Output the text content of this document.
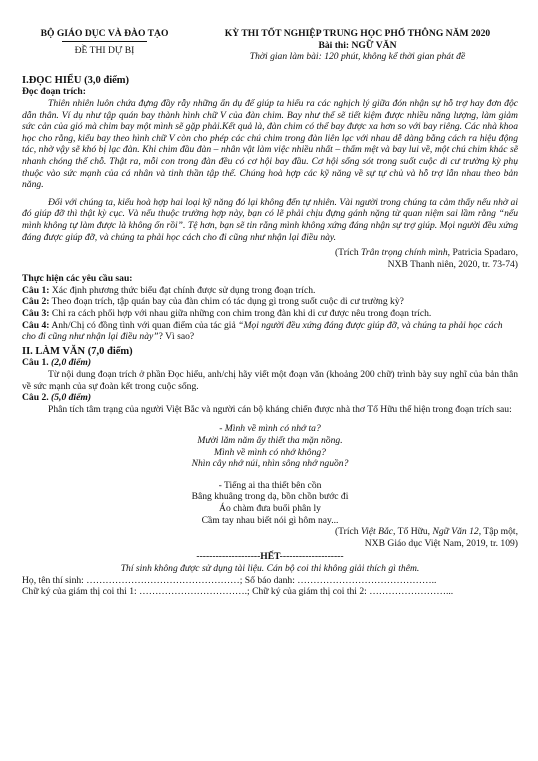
BỘ GIÁO DỤC VÀ ĐÀO TẠO
ĐỀ THI DỰ BỊ
KỲ THI TỐT NGHIỆP TRUNG HỌC PHỔ THÔNG NĂM 2020
Bài thi: NGỮ VĂN
Thời gian làm bài: 120 phút, không kể thời gian phát đề
I.ĐỌC HIỂU (3,0 điểm)
Đọc đoạn trích:
Thiên nhiên luôn chứa đựng đầy rẫy những ẩn dụ để giúp ta hiểu ra các nghịch lý giữa đón nhận sự hỗ trợ hay đơn độc dẫn thân. Ví dụ như tập quán bay thành hình chữ V của đàn chim. Bay như thế sẽ tiết kiệm được nhiều năng lượng, làm giảm sức cản của gió mà chim bay một mình sẽ gặp phải.Kết quả là, đàn chim có thể bay được xa hơn so với bay riêng. Các nhà khoa học cho rằng, kiểu bay theo hình chữ V còn cho phép các chú chim trong đàn liên lạc với nhau dễ dàng bằng cách ra hiệu động tác, nhờ vậy sẽ khó bị lạc đàn. Khi chim đầu đàn – nhân vật làm việc nhiều nhất – thấm mệt và bay lui về, một chú chim khác sẽ nhanh chóng thế chỗ. Thật ra, mỗi con trong đàn đều có cơ hội bay đầu. Cơ hội sống sót trong suốt cuộc di cư trường kỳ phụ thuộc vào sức mạnh của cá nhân và tinh thần tập thể. Chúng hoà hợp các kỹ năng về sự tự chủ và hỗ trợ lẫn nhau theo bản năng.
Đối với chúng ta, kiểu hoà hợp hai loại kỹ năng đó lại không đến tự nhiên. Vài người trong chúng ta cảm thấy nếu nhờ ai đó giúp đỡ thì thật kỳ cục. Và nếu thuộc trường hợp này, bạn có lẽ phải chịu đựng gánh nặng từ quan niệm sai lầm rằng “nếu mình không tự làm được là không ổn rồi”. Tệ hơn, bạn sẽ tin rằng mình không xứng đáng nhận sự trợ giúp. Mọi người đều xứng đáng được giúp đỡ, và chúng ta phải học cách cho đi cũng như nhận lại điều này.
(Trích Trân trọng chính mình, Patricia Spadaro,
NXB Thanh niên, 2020, tr. 73-74)
Thực hiện các yêu cầu sau:
Câu 1: Xác định phương thức biểu đạt chính được sử dụng trong đoạn trích.
Câu 2: Theo đoạn trích, tập quán bay của đàn chim có tác dụng gì trong suốt cuộc di cư trường kỳ?
Câu 3: Chỉ ra cách phối hợp với nhau giữa những con chim trong đàn khi di cư được nêu trong đoạn trích.
Câu 4: Anh/Chị có đồng tình với quan điểm của tác giả “Mọi người đều xứng đáng được giúp đỡ, và chúng ta phải học cách cho đi cũng như nhận lại điều này”? Vì sao?
II. LÀM VĂN (7,0 điểm)
Câu 1. (2,0 điểm)
Từ nội dung đoạn trích ở phần Đọc hiểu, anh/chị hãy viết một đoạn văn (khoảng 200 chữ) trình bày suy nghĩ của bản thân về sức mạnh của sự đoàn kết trong cuộc sống.
Câu 2. (5,0 điểm)
Phân tích tâm trạng của người Việt Bắc và người cán bộ kháng chiến được nhà thơ Tố Hữu thể hiện trong đoạn trích sau:
- Mình về mình có nhớ ta?
Mười lăm năm ấy thiết tha mặn nồng.
Mình về mình có nhớ không?
Nhìn cây nhớ núi, nhìn sông nhớ nguồn?
- Tiếng ai tha thiết bên cồn
Bâng khuâng trong dạ, bồn chồn bước đi
Áo chàm đưa buổi phân ly
Cầm tay nhau biết nói gì hôm nay...
(Trích Việt Bắc, Tố Hữu, Ngữ Văn 12, Tập một,
NXB Giáo dục Việt Nam, 2019, tr. 109)
--------------------HẾT--------------------
Thí sinh không được sử dụng tài liệu. Cán bộ coi thi không giải thích gì thêm.
Họ, tên thí sinh: …………………………………………; Số báo danh: ……………………………………..
Chữ ký của giám thị coi thi 1: …………………………….; Chữ ký của giám thị coi thi 2: ……………………...
